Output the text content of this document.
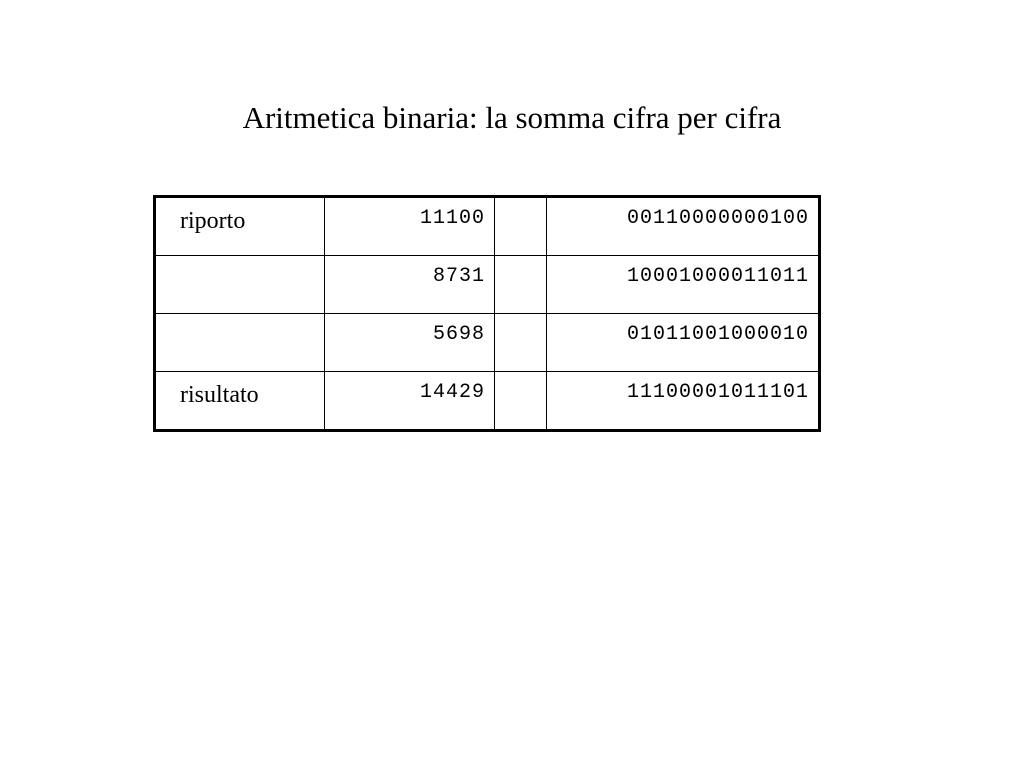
Aritmetica binaria: la somma cifra per cifra
riporto	11100		00110000000100
	8731		10001000011011
	5698		01011001000010
risultato	14429		11100001011101
